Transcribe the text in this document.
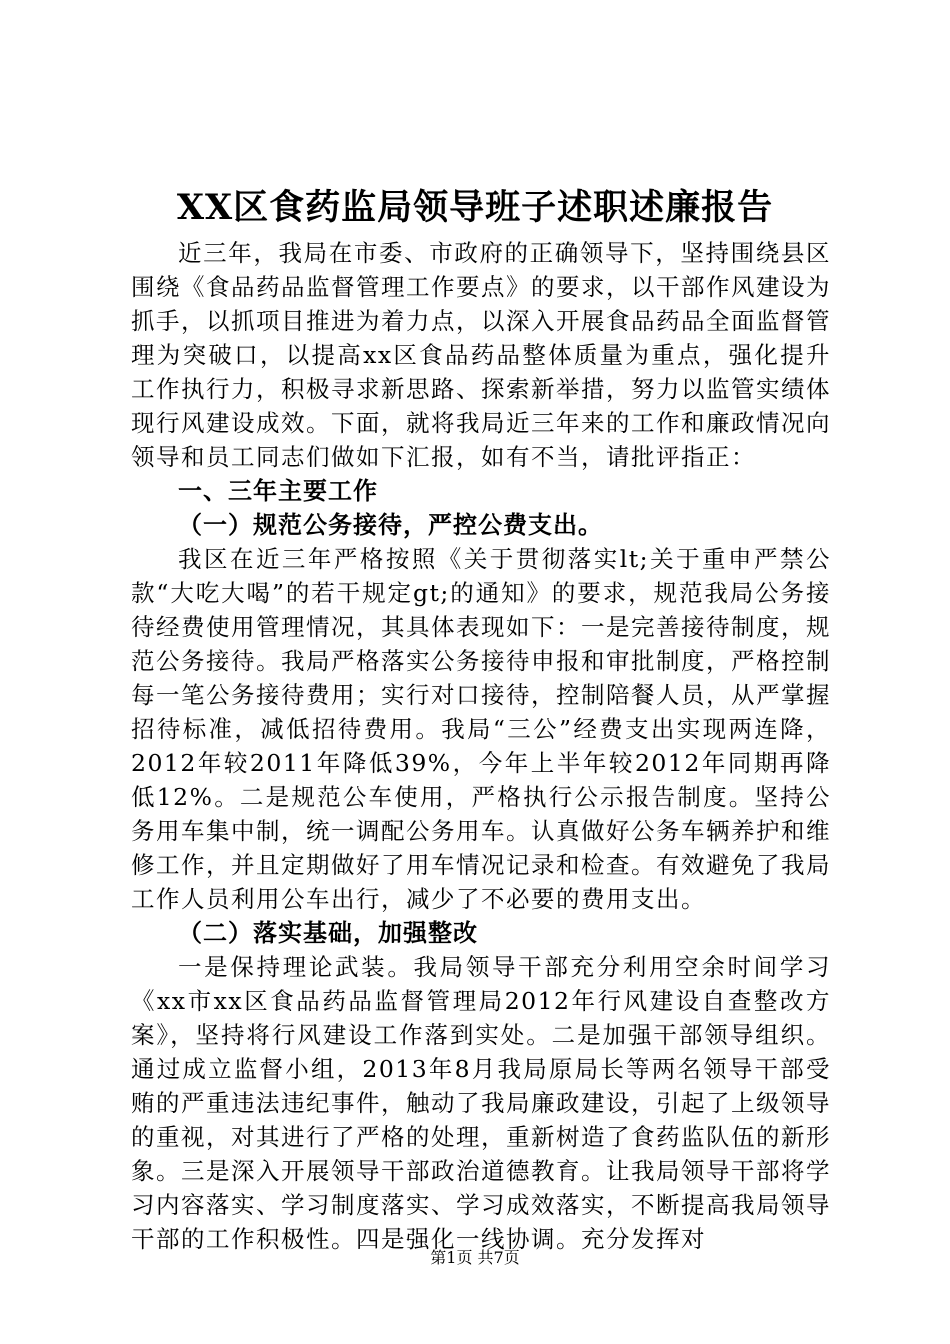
XX区食药监局领导班子述职述廉报告

近三年，我局在市委、市政府的正确领导下，坚持围绕县区围绕《食品药品监督管理工作要点》的要求，以干部作风建设为抓手，以抓项目推进为着力点，以深入开展食品药品全面监督管理为突破口，以提高xx区食品药品整体质量为重点，强化提升工作执行力，积极寻求新思路、探索新举措，努力以监管实绩体现行风建设成效。下面，就将我局近三年来的工作和廉政情况向领导和员工同志们做如下汇报，如有不当，请批评指正：

一、三年主要工作

（一）规范公务接待，严控公费支出。

我区在近三年严格按照《关于贯彻落实lt;关于重申严禁公款“大吃大喝”的若干规定gt;的通知》的要求，规范我局公务接待经费使用管理情况，其具体表现如下：一是完善接待制度，规范公务接待。我局严格落实公务接待申报和审批制度，严格控制每一笔公务接待费用；实行对口接待，控制陪餐人员，从严掌握招待标准，减低招待费用。我局“三公”经费支出实现两连降，2012年较2011年降低39%，今年上半年较2012年同期再降低12%。二是规范公车使用，严格执行公示报告制度。坚持公务用车集中制，统一调配公务用车。认真做好公务车辆养护和维修工作，并且定期做好了用车情况记录和检查。有效避免了我局工作人员利用公车出行，减少了不必要的费用支出。

（二）落实基础，加强整改

一是保持理论武装。我局领导干部充分利用空余时间学习《xx市xx区食品药品监督管理局2012年行风建设自查整改方案》，坚持将行风建设工作落到实处。二是加强干部领导组织。通过成立监督小组，2013年8月我局原局长等两名领导干部受贿的严重违法违纪事件，触动了我局廉政建设，引起了上级领导的重视，对其进行了严格的处理，重新树造了食药监队伍的新形象。三是深入开展领导干部政治道德教育。让我局领导干部将学习内容落实、学习制度落实、学习成效落实，不断提高我局领导干部的工作积极性。四是强化一线协调。充分发挥对

第1页 共7页
